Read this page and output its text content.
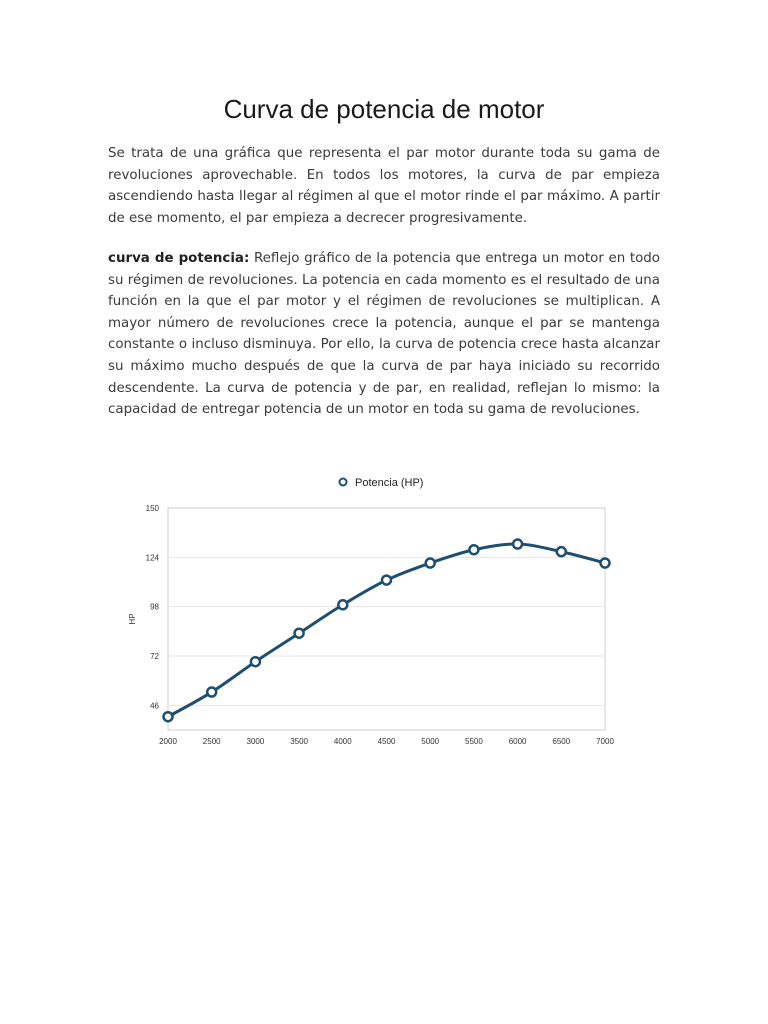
Curva de potencia de motor

Se trata de una gráfica que representa el par motor durante toda su gama de revoluciones aprovechable. En todos los motores, la curva de par empieza ascendiendo hasta llegar al régimen al que el motor rinde el par máximo. A partir de ese momento, el par empieza a decrecer progresivamente.

curva de potencia: Reflejo gráfico de la potencia que entrega un motor en todo su régimen de revoluciones. La potencia en cada momento es el resultado de una función en la que el par motor y el régimen de revoluciones se multiplican. A mayor número de revoluciones crece la potencia, aunque el par se mantenga constante o incluso disminuya. Por ello, la curva de potencia crece hasta alcanzar su máximo mucho después de que la curva de par haya iniciado su recorrido descendente. La curva de potencia y de par, en realidad, reflejan lo mismo: la capacidad de entregar potencia de un motor en toda su gama de revoluciones.

46
72
98
124
150
2000	2500	3000	3500	4000	4500	5000	5500	6000	6500	7000
HP
Potencia (HP)
